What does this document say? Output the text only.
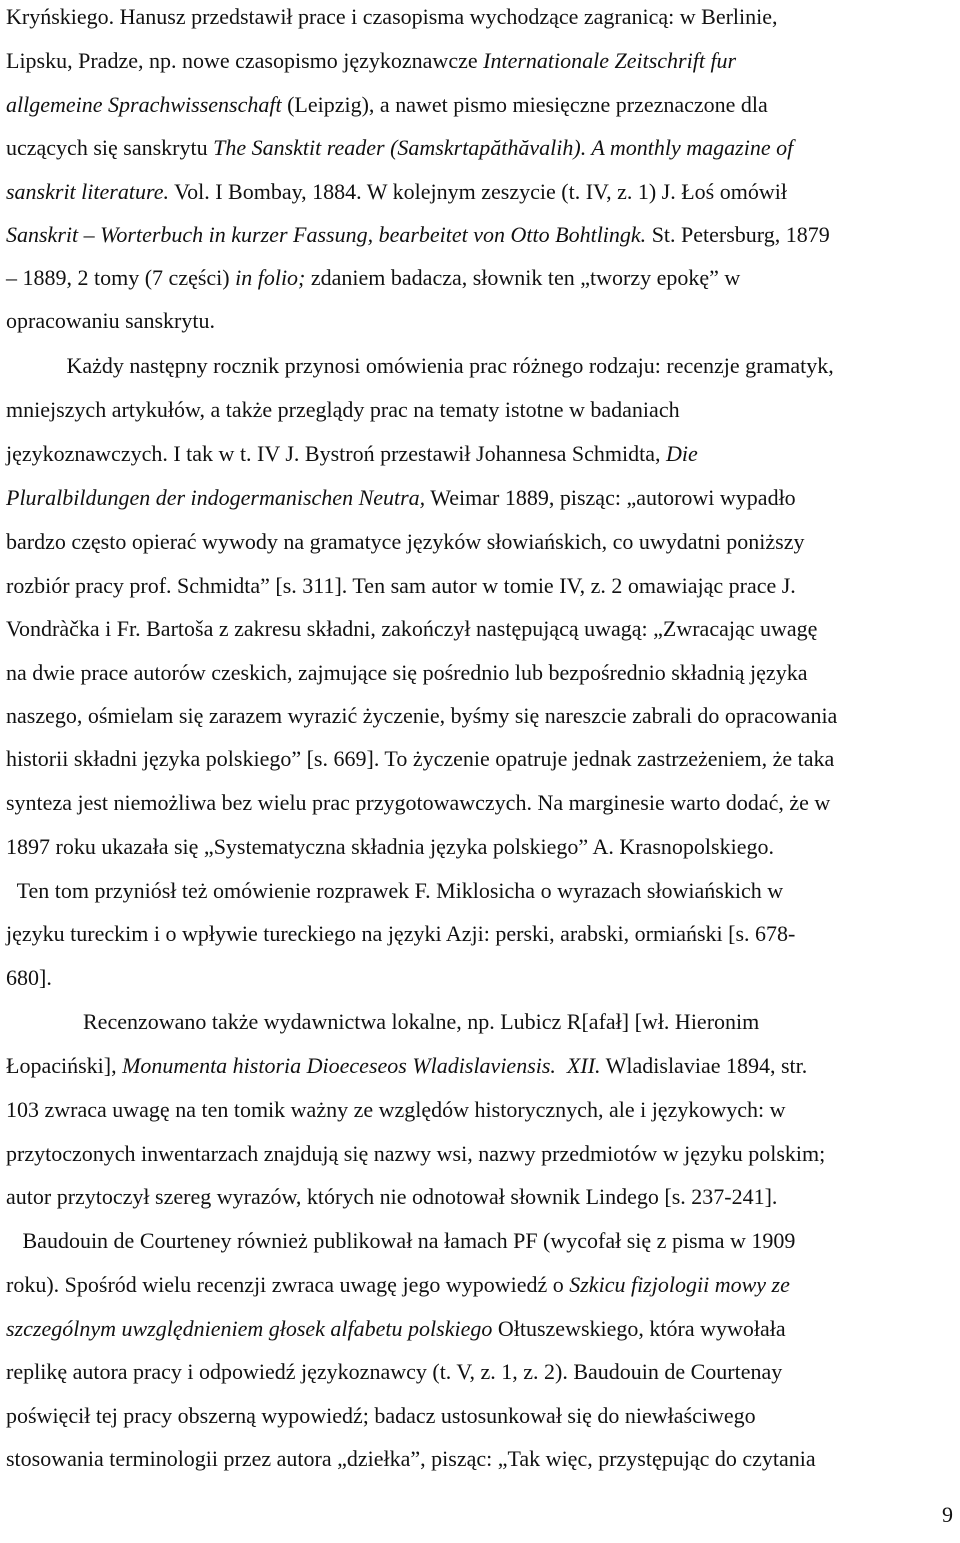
Kryńskiego. Hanusz przedstawił prace i czasopisma wychodzące zagranicą: w Berlinie,
Lipsku, Pradze, np. nowe czasopismo językoznawcze Internationale Zeitschrift fur
allgemeine Sprachwissenschaft (Leipzig), a nawet pismo miesięczne przeznaczone dla
uczących się sanskrytu The Sansktit reader (Samskrtapăthăvalih). A monthly magazine of
sanskrit literature. Vol. I Bombay, 1884. W kolejnym zeszycie (t. IV, z. 1) J. Łoś omówił
Sanskrit – Worterbuch in kurzer Fassung, bearbeitet von Otto Bohtlingk. St. Petersburg, 1879
– 1889, 2 tomy (7 części) in folio; zdaniem badacza, słownik ten „tworzy epokę” w
opracowaniu sanskrytu.
Każdy następny rocznik przynosi omówienia prac różnego rodzaju: recenzje gramatyk,
mniejszych artykułów, a także przeglądy prac na tematy istotne w badaniach
językoznawczych. I tak w t. IV J. Bystroń przestawił Johannesa Schmidta, Die
Pluralbildungen der indogermanischen Neutra, Weimar 1889, pisząc: „autorowi wypadło
bardzo często opierać wywody na gramatyce języków słowiańskich, co uwydatni poniższy
rozbiór pracy prof. Schmidta” [s. 311]. Ten sam autor w tomie IV, z. 2 omawiając prace J.
Vondràčka i Fr. Bartoša z zakresu składni, zakończył następującą uwagą: „Zwracając uwagę
na dwie prace autorów czeskich, zajmujące się pośrednio lub bezpośrednio składnią języka
naszego, ośmielam się zarazem wyrazić życzenie, byśmy się nareszcie zabrali do opracowania
historii składni języka polskiego” [s. 669]. To życzenie opatruje jednak zastrzeżeniem, że taka
synteza jest niemożliwa bez wielu prac przygotowawczych. Na marginesie warto dodać, że w
1897 roku ukazała się „Systematyczna składnia języka polskiego” A. Krasnopolskiego.
Ten tom przyniósł też omówienie rozprawek F. Miklosicha o wyrazach słowiańskich w
języku tureckim i o wpływie tureckiego na języki Azji: perski, arabski, ormiański [s. 678-
680].
Recenzowano także wydawnictwa lokalne, np. Lubicz R[afał] [wł. Hieronim
Łopaciński], Monumenta historia Dioeceseos Wladislaviensis.  XII. Wladislaviae 1894, str.
103 zwraca uwagę na ten tomik ważny ze względów historycznych, ale i językowych: w
przytoczonych inwentarzach znajdują się nazwy wsi, nazwy przedmiotów w języku polskim;
autor przytoczył szereg wyrazów, których nie odnotował słownik Lindego [s. 237-241].
Baudouin de Courteney również publikował na łamach PF (wycofał się z pisma w 1909
roku). Spośród wielu recenzji zwraca uwagę jego wypowiedź o Szkicu fizjologii mowy ze
szczególnym uwzględnieniem głosek alfabetu polskiego Ołtuszewskiego, która wywołała
replikę autora pracy i odpowiedź językoznawcy (t. V, z. 1, z. 2). Baudouin de Courtenay
poświęcił tej pracy obszerną wypowiedź; badacz ustosunkował się do niewłaściwego
stosowania terminologii przez autora „dziełka”, pisząc: „Tak więc, przystępując do czytania
9
